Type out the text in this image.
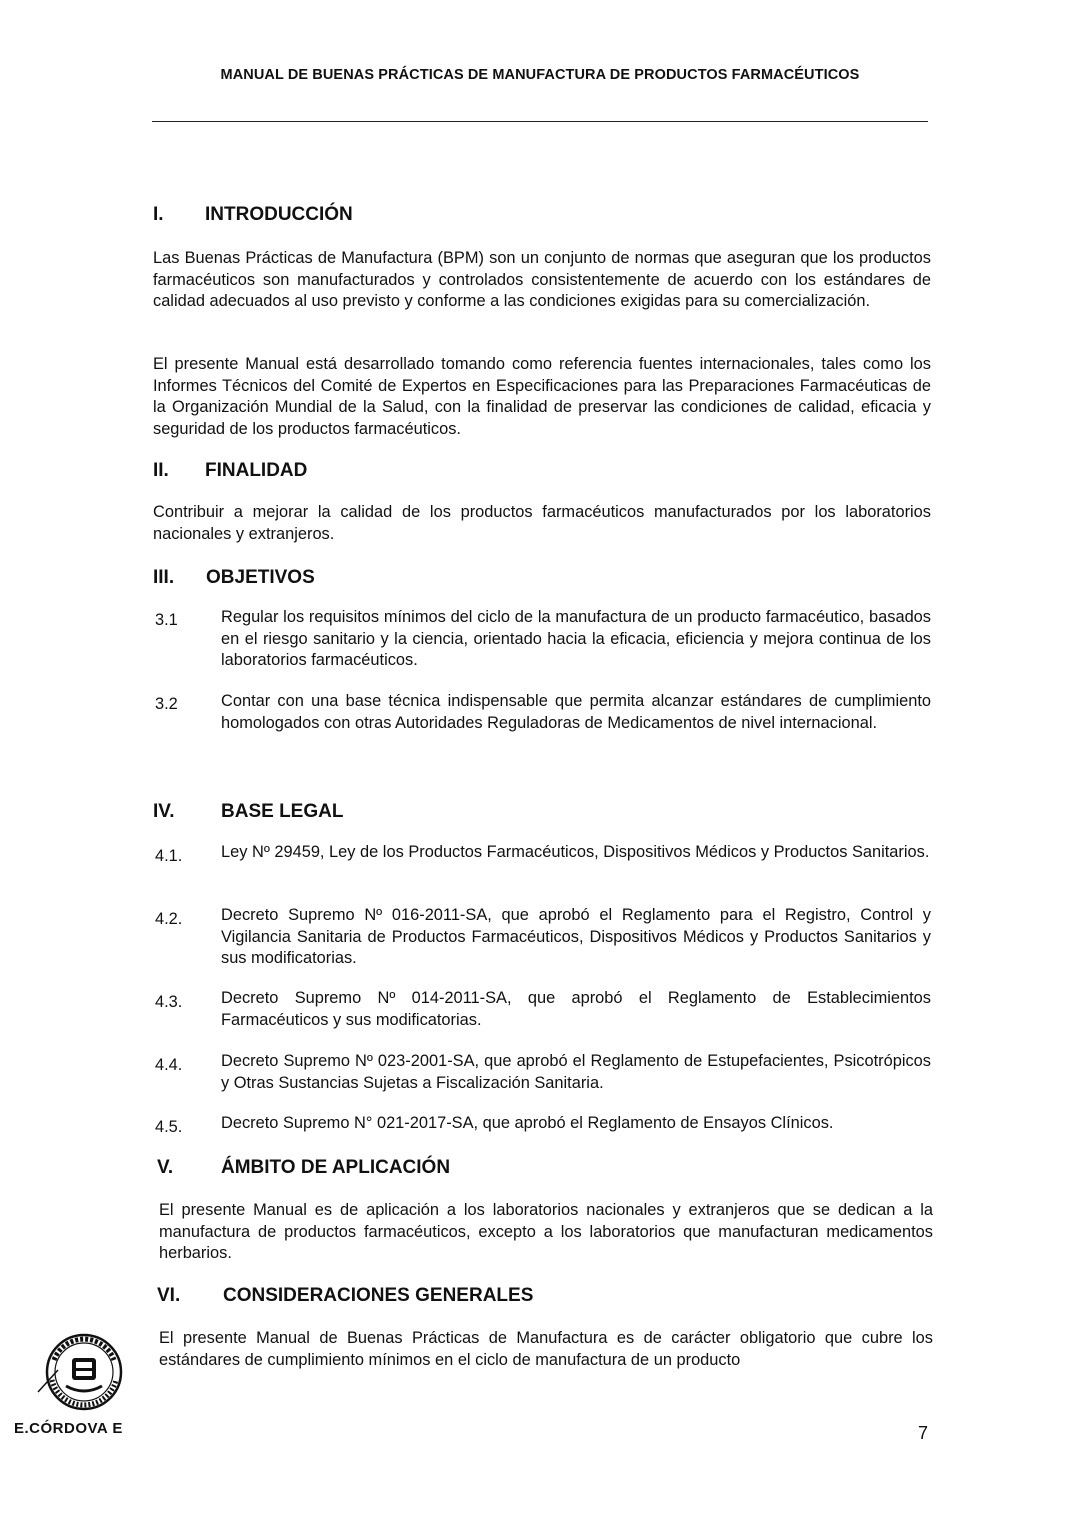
MANUAL DE BUENAS PRÁCTICAS DE MANUFACTURA DE PRODUCTOS FARMACÉUTICOS
I. INTRODUCCIÓN
Las Buenas Prácticas de Manufactura (BPM) son un conjunto de normas que aseguran que los productos farmacéuticos son manufacturados y controlados consistentemente de acuerdo con los estándares de calidad adecuados al uso previsto y conforme a las condiciones exigidas para su comercialización.
El presente Manual está desarrollado tomando como referencia fuentes internacionales, tales como los Informes Técnicos del Comité de Expertos en Especificaciones para las Preparaciones Farmacéuticas de la Organización Mundial de la Salud, con la finalidad de preservar las condiciones de calidad, eficacia y seguridad de los productos farmacéuticos.
II. FINALIDAD
Contribuir a mejorar la calidad de los productos farmacéuticos manufacturados por los laboratorios nacionales y extranjeros.
III. OBJETIVOS
3.1	Regular los requisitos mínimos del ciclo de la manufactura de un producto farmacéutico, basados en el riesgo sanitario y la ciencia, orientado hacia la eficacia, eficiencia y mejora continua de los laboratorios farmacéuticos.
3.2	Contar con una base técnica indispensable que permita alcanzar estándares de cumplimiento homologados con otras Autoridades Reguladoras de Medicamentos de nivel internacional.
IV. BASE LEGAL
4.1. Ley Nº 29459, Ley de los Productos Farmacéuticos, Dispositivos Médicos y Productos Sanitarios.
4.2. Decreto Supremo Nº 016-2011-SA, que aprobó el Reglamento para el Registro, Control y Vigilancia Sanitaria de Productos Farmacéuticos, Dispositivos Médicos y Productos Sanitarios y sus modificatorias.
4.3. Decreto Supremo Nº 014-2011-SA, que aprobó el Reglamento de Establecimientos Farmacéuticos y sus modificatorias.
4.4. Decreto Supremo Nº 023-2001-SA, que aprobó el Reglamento de Estupefacientes, Psicotrópicos y Otras Sustancias Sujetas a Fiscalización Sanitaria.
4.5. Decreto Supremo N° 021-2017-SA, que aprobó el Reglamento de Ensayos Clínicos.
V.	ÁMBITO DE APLICACIÓN
El presente Manual es de aplicación a los laboratorios nacionales y extranjeros que se dedican a la manufactura de productos farmacéuticos, excepto a los laboratorios que manufacturan medicamentos herbarios.
VI. CONSIDERACIONES GENERALES
El presente Manual de Buenas Prácticas de Manufactura es de carácter obligatorio que cubre los estándares de cumplimiento mínimos en el ciclo de manufactura de un producto
E.CÓRDOVA E	7
